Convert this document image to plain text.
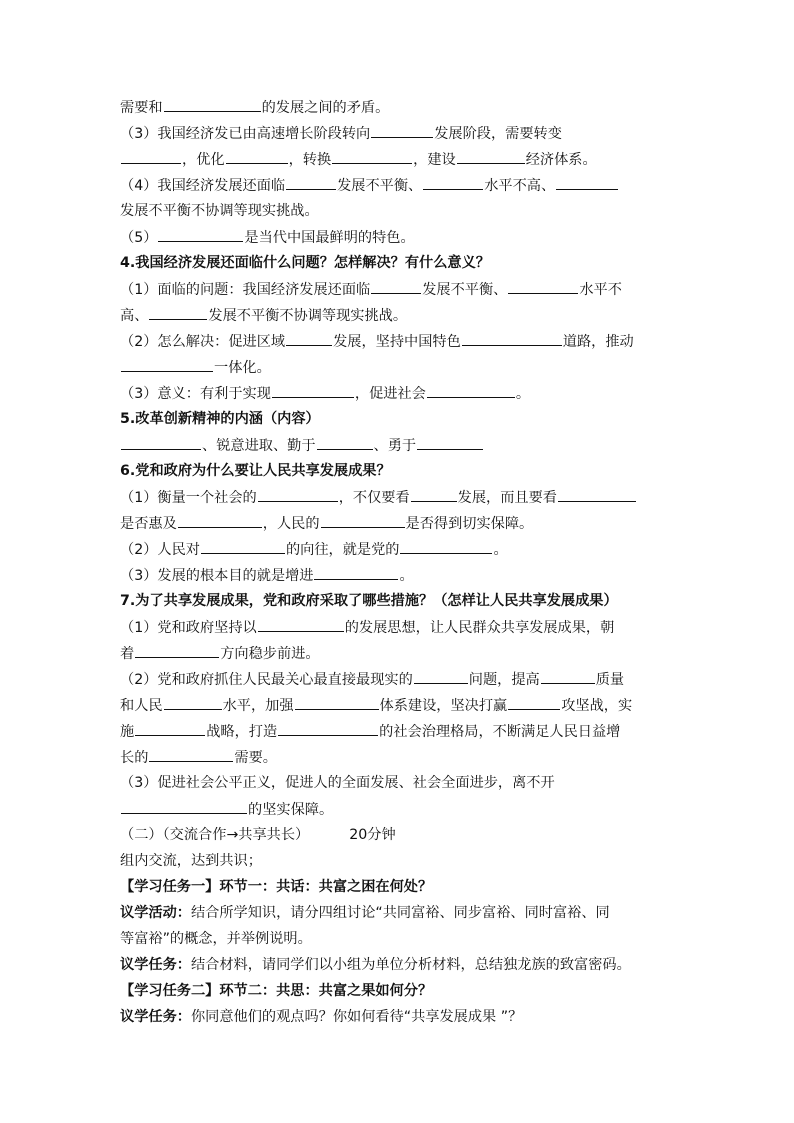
需要和	的发展之间的矛盾。
（3）我国经济发已由高速增长阶段转向	发展阶段，需要转变
，优化	，转换	，建设	经济体系。
（4）我国经济发展还面临	发展不平衡、	水平不高、
发展不平衡不协调等现实挑战。
（5）	是当代中国最鲜明的特色。
4.我国经济发展还面临什么问题？怎样解决？有什么意义？
（1）面临的问题：我国经济发展还面临	发展不平衡、	水平不
高、	发展不平衡不协调等现实挑战。
（2）怎么解决：促进区域	发展，坚持中国特色	道路，推动
一体化。
（3）意义：有利于实现	，促进社会	。
5.改革创新精神的内涵（内容）
、锐意进取、勤于	、勇于
6.党和政府为什么要让人民共享发展成果？
（1）衡量一个社会的	，不仅要看	发展，而且要看
是否惠及	，人民的	是否得到切实保障。
（2）人民对	的向往，就是党的	。
（3）发展的根本目的就是增进	。
7.为了共享发展成果，党和政府采取了哪些措施？（怎样让人民共享发展成果）
（1）党和政府坚持以	的发展思想，让人民群众共享发展成果，朝
着	方向稳步前进。
（2）党和政府抓住人民最关心最直接最现实的	问题，提高	质量
和人民	水平，加强	体系建设，坚决打赢	攻坚战，实
施	战略，打造	的社会治理格局，不断满足人民日益增
长的	需要。
（3）促进社会公平正义，促进人的全面发展、社会全面进步，离不开
的坚实保障。
（二）（交流合作→共享共长）	20分钟
组内交流，达到共识；
【学习任务一】环节一：共话：共富之困在何处？
议学活动：结合所学知识，请分四组讨论“共同富裕、同步富裕、同时富裕、同
等富裕”的概念，并举例说明。
议学任务：结合材料，请同学们以小组为单位分析材料，总结独龙族的致富密码。
【学习任务二】环节二：共思：共富之果如何分？
议学任务：你同意他们的观点吗？你如何看待“共享发展成果 ”？
